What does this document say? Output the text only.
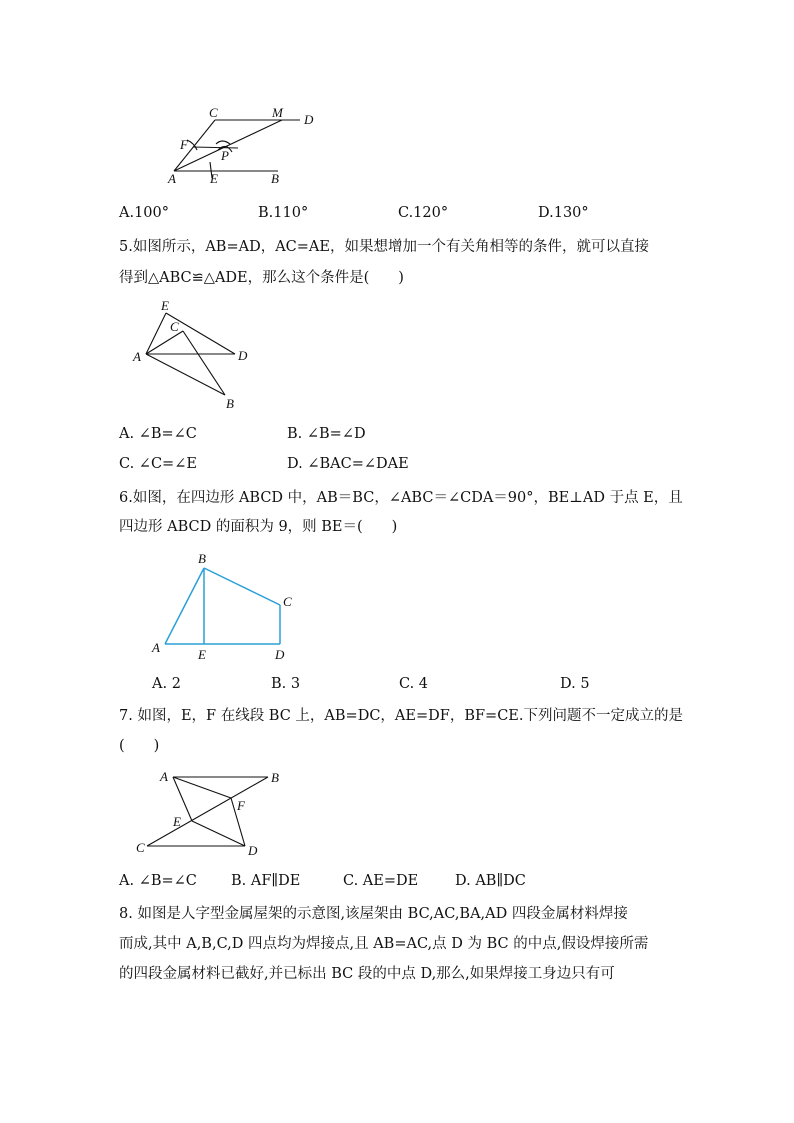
C	M D
F
P
A	E	B
A.100°	B.110°	C.120°	D.130°
5.如图所示，AB=AD，AC=AE，如果想增加一个有关角相等的条件，就可以直接
得到△ABC≌△ADE，那么这个条件是(　　)
E
C
A	D
B
A. ∠B=∠C	B. ∠B=∠D
C. ∠C=∠E	D. ∠BAC=∠DAE
6.如图，在四边形 ABCD 中，AB＝BC，∠ABC＝∠CDA＝90°，BE⊥AD 于点 E，且
四边形 ABCD 的面积为 9，则 BE＝(　　)
B
C
A	E	D
A. 2	B. 3	C. 4	D. 5
7. 如图，E，F 在线段 BC 上，AB=DC，AE=DF，BF=CE.下列问题不一定成立的是
(　　)
A	B
F
E
C	D
A. ∠B=∠C B. AF∥DE	C. AE=DE	D. AB∥DC
8. 如图是人字型金属屋架的示意图,该屋架由 BC,AC,BA,AD 四段金属材料焊接
而成,其中 A,B,C,D 四点均为焊接点,且 AB=AC,点 D 为 BC 的中点,假设焊接所需
的四段金属材料已截好,并已标出 BC 段的中点 D,那么,如果焊接工身边只有可
